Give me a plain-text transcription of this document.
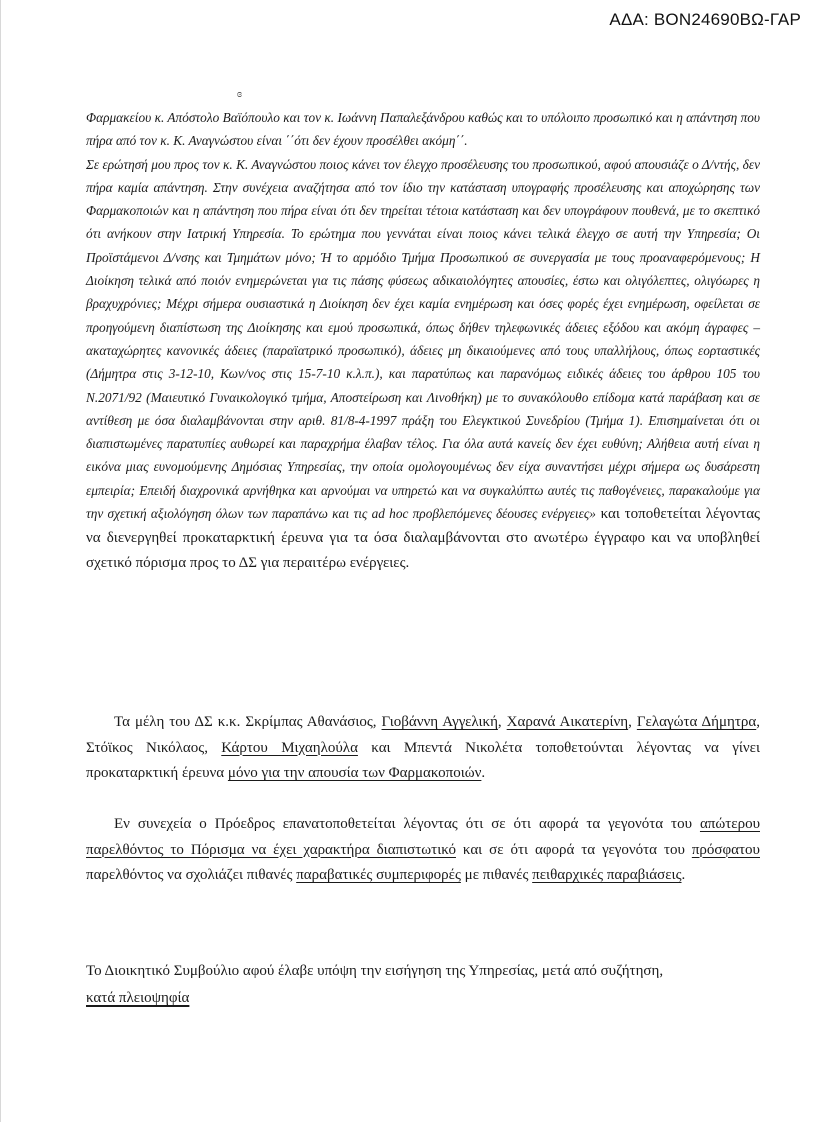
ΑΔΑ: ΒΟΝ24690ΒΩ-ΓΑΡ
ɞ

Φαρμακείου κ. Απόστολο Βαϊόπουλο και τον κ. Ιωάννη Παπαλεξάνδρου καθώς και το υπόλοιπο προσωπικό και η απάντηση που πήρα από τον κ. Κ. Αναγνώστου είναι ΄΄ότι δεν έχουν προσέλθει ακόμη΄΄.

Σε ερώτησή μου προς τον κ. Κ. Αναγνώστου ποιος κάνει τον έλεγχο προσέλευσης του προσωπικού, αφού απουσιάζε ο Δ/ντής, δεν πήρα καμία απάντηση. Στην συνέχεια αναζήτησα από τον ίδιο την κατάσταση υπογραφής προσέλευσης και αποχώρησης των Φαρμακοποιών και η απάντηση που πήρα είναι ότι δεν τηρείται τέτοια κατάσταση και δεν υπογράφουν πουθενά, με το σκεπτικό ότι ανήκουν στην Ιατρική Υπηρεσία. Το ερώτημα που γεννάται είναι ποιος κάνει τελικά έλεγχο σε αυτή την Υπηρεσία; Οι Προϊστάμενοι Δ/νσης και Τμημάτων μόνο; Ή το αρμόδιο Τμήμα Προσωπικού σε συνεργασία με τους προαναφερόμενους; Η Διοίκηση τελικά από ποιόν ενημερώνεται για τις πάσης φύσεως αδικαιολόγητες απουσίες, έστω και ολιγόλεπτες, ολιγόωρες η βραχυχρόνιες; Μέχρι σήμερα ουσιαστικά η Διοίκηση δεν έχει καμία ενημέρωση και όσες φορές έχει ενημέρωση, οφείλεται σε προηγούμενη διαπίστωση της Διοίκησης και εμού προσωπικά, όπως δήθεν τηλεφωνικές άδειες εξόδου και ακόμη άγραφες – ακαταχώρητες κανονικές άδειες (παραϊατρικό προσωπικό), άδειες μη δικαιούμενες από τους υπαλλήλους, όπως εορταστικές (Δήμητρα στις 3-12-10, Κων/νος στις 15-7-10 κ.λ.π.), και παρατύπως και παρανόμως ειδικές άδειες του άρθρου 105 του Ν.2071/92 (Μαιευτικό Γυναικολογικό τμήμα, Αποστείρωση και Λινοθήκη) με το συνακόλουθο επίδομα κατά παράβαση και σε αντίθεση με όσα διαλαμβάνονται στην αριθ. 81/8-4-1997 πράξη του Ελεγκτικού Συνεδρίου (Τμήμα 1). Επισημαίνεται ότι οι διαπιστωμένες παρατυπίες αυθωρεί και παραχρήμα έλαβαν τέλος. Για όλα αυτά κανείς δεν έχει ευθύνη; Αλήθεια αυτή είναι η εικόνα μιας ευνομούμενης Δημόσιας Υπηρεσίας, την οποία ομολογουμένως δεν είχα συναντήσει μέχρι σήμερα ως δυσάρεστη εμπειρία; Επειδή διαχρονικά αρνήθηκα και αρνούμαι να υπηρετώ και να συγκαλύπτω αυτές τις παθογένειες, παρακαλούμε για την σχετική αξιολόγηση όλων των παραπάνω και τις ad hoc προβλεπόμενες δέουσες ενέργειες» και τοποθετείται λέγοντας να διενεργηθεί προκαταρκτική έρευνα για τα όσα διαλαμβάνονται στο ανωτέρω έγγραφο και να υποβληθεί σχετικό πόρισμα προς το ΔΣ για περαιτέρω ενέργειες.

Τα μέλη του ΔΣ κ.κ. Σκρίμπας Αθανάσιος, Γιοβάννη Αγγελική, Χαρανά Αικατερίνη, Γελαγώτα Δήμητρα, Στόϊκος Νικόλαος, Κάρτου Μιχαηλούλα και Μπεντά Νικολέτα τοποθετούνται λέγοντας να γίνει προκαταρκτική έρευνα μόνο για την απουσία των Φαρμακοποιών.

Εν συνεχεία ο Πρόεδρος επανατοποθετείται λέγοντας ότι σε ότι αφορά τα γεγονότα του απώτερου παρελθόντος το Πόρισμα να έχει χαρακτήρα διαπιστωτικό και σε ότι αφορά τα γεγονότα του πρόσφατου παρελθόντος να σχολιάζει πιθανές παραβατικές συμπεριφορές με πιθανές πειθαρχικές παραβιάσεις.

Το Διοικητικό Συμβούλιο αφού έλαβε υπόψη την εισήγηση της Υπηρεσίας, μετά από συζήτηση,

κατά πλειοψηφία
